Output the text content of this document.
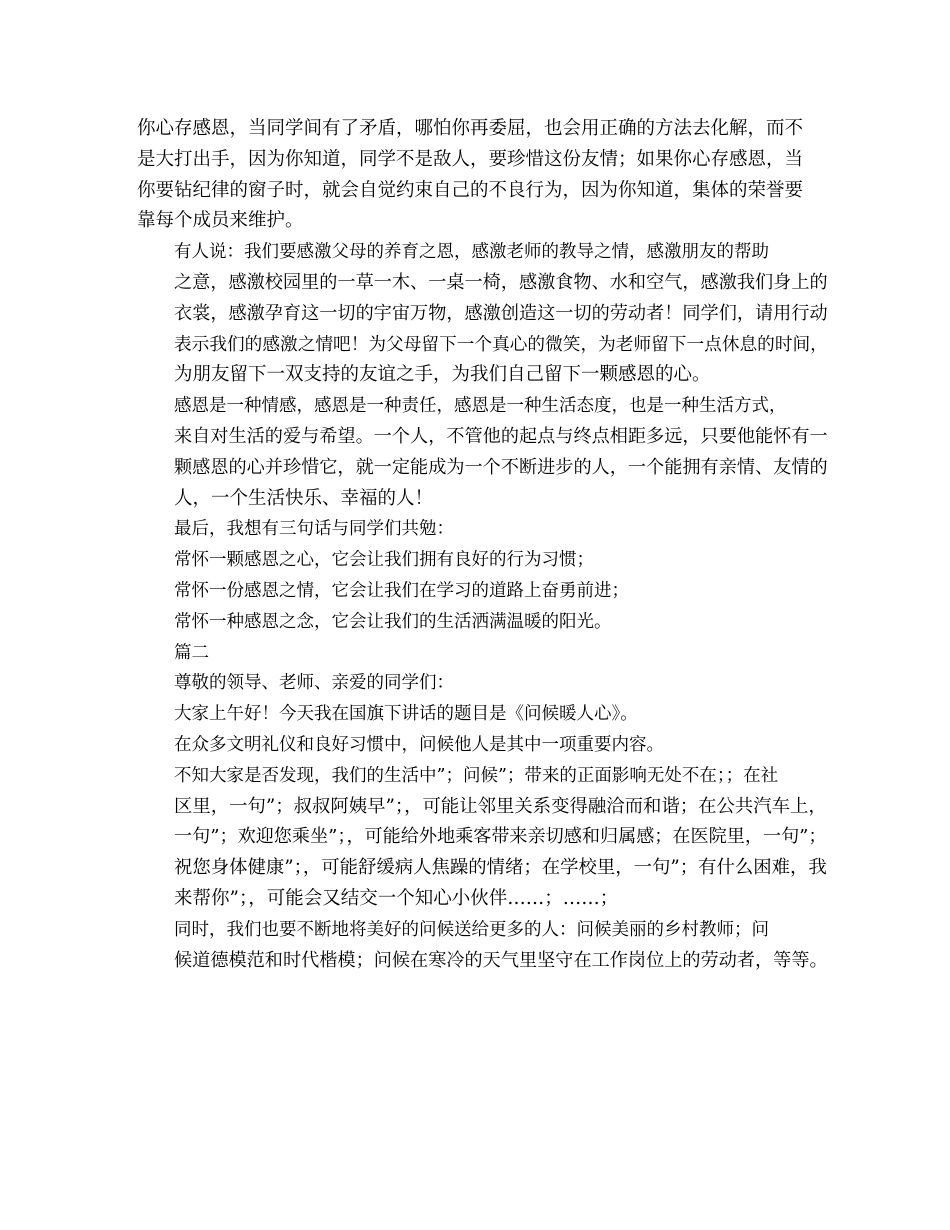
你心存感恩，当同学间有了矛盾，哪怕你再委屈，也会用正确的方法去化解，而不
是大打出手，因为你知道，同学不是敌人，要珍惜这份友情；如果你心存感恩，当
你要钻纪律的窗子时，就会自觉约束自己的不良行为，因为你知道，集体的荣誉要
靠每个成员来维护。

有人说：我们要感激父母的养育之恩，感激老师的教导之情，感激朋友的帮助
之意，感激校园里的一草一木、一桌一椅，感激食物、水和空气，感激我们身上的
衣裳，感激孕育这一切的宇宙万物，感激创造这一切的劳动者！同学们，请用行动
表示我们的感激之情吧！为父母留下一个真心的微笑，为老师留下一点休息的时间，
为朋友留下一双支持的友谊之手，为我们自己留下一颗感恩的心。

感恩是一种情感，感恩是一种责任，感恩是一种生活态度，也是一种生活方式，
来自对生活的爱与希望。一个人，不管他的起点与终点相距多远，只要他能怀有一
颗感恩的心并珍惜它，就一定能成为一个不断进步的人，一个能拥有亲情、友情的
人，一个生活快乐、幸福的人！

最后，我想有三句话与同学们共勉：

常怀一颗感恩之心，它会让我们拥有良好的行为习惯；

常怀一份感恩之情，它会让我们在学习的道路上奋勇前进；

常怀一种感恩之念，它会让我们的生活洒满温暖的阳光。

篇二

尊敬的领导、老师、亲爱的同学们：

大家上午好！今天我在国旗下讲话的题目是《问候暖人心》。

在众多文明礼仪和良好习惯中，问候他人是其中一项重要内容。

不知大家是否发现，我们的生活中”；问候”；带来的正面影响无处不在；；在社
区里，一句”；叔叔阿姨早”；，可能让邻里关系变得融洽而和谐；在公共汽车上，
一句”；欢迎您乘坐”；，可能给外地乘客带来亲切感和归属感；在医院里，一句”；
祝您身体健康”；，可能舒缓病人焦躁的情绪；在学校里，一句”；有什么困难，我
来帮你”；，可能会又结交一个知心小伙伴……；……；

同时，我们也要不断地将美好的问候送给更多的人：问候美丽的乡村教师；问
候道德模范和时代楷模；问候在寒冷的天气里坚守在工作岗位上的劳动者，等等。
